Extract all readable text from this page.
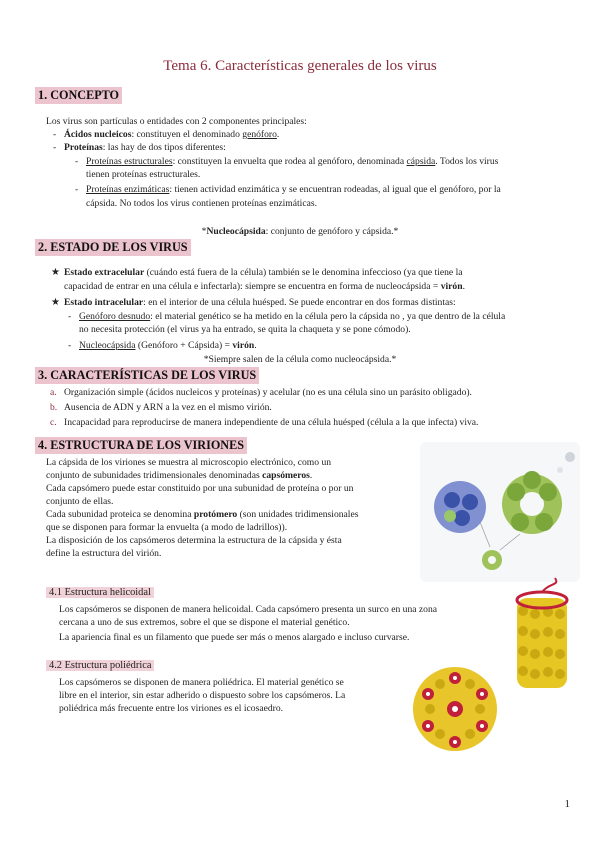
Tema 6. Características generales de los virus
1. CONCEPTO
Los virus son partículas o entidades con 2 componentes principales:
- Ácidos nucleicos: constituyen el denominado genóforo.
- Proteínas: las hay de dos tipos diferentes:
- Proteínas estructurales: constituyen la envuelta que rodea al genóforo, denominada cápsida. Todos los virus
tienen proteínas estructurales.
- Proteínas enzimáticas: tienen actividad enzimática y se encuentran rodeadas, al igual que el genóforo, por la
cápsida. No todos los virus contienen proteínas enzimáticas.
*Nucleocápsida: conjunto de genóforo y cápsida.*
2. ESTADO DE LOS VIRUS
★ Estado extracelular (cuándo está fuera de la célula) también se le denomina infeccioso (ya que tiene la
capacidad de entrar en una célula e infectarla): siempre se encuentra en forma de nucleocápsida = virón.
★ Estado intracelular: en el interior de una célula huésped. Se puede encontrar en dos formas distintas:
- Genóforo desnudo: el material genético se ha metido en la célula pero la cápsida no , ya que dentro de la célula
no necesita protección (el virus ya ha entrado, se quita la chaqueta y se pone cómodo).
- Nucleocápsida (Genóforo + Cápsida) = virón.
*Siempre salen de la célula como nucleocápsida.*
3. CARACTERÍSTICAS DE LOS VIRUS
a. Organización simple (ácidos nucleicos y proteínas) y acelular (no es una célula sino un parásito obligado).
b. Ausencia de ADN y ARN a la vez en el mismo virión.
c. Incapacidad para reproducirse de manera independiente de una célula huésped (célula a la que infecta) viva.
4. ESTRUCTURA DE LOS VIRIONES
La cápsida de los viriones se muestra al microscopio electrónico, como un
conjunto de subunidades tridimensionales denominadas capsómeros.
Cada capsómero puede estar constituido por una subunidad de proteína o por un
conjunto de ellas.
Cada subunidad proteica se denomina protómero (son unidades tridimensionales
que se disponen para formar la envuelta (a modo de ladrillos)).
La disposición de los capsómeros determina la estructura de la cápsida y ésta
define la estructura del virión.
4.1 Estructura helicoidal
Los capsómeros se disponen de manera helicoidal. Cada capsómero presenta un surco en una zona
cercana a uno de sus extremos, sobre el que se dispone el material genético.
La apariencia final es un filamento que puede ser más o menos alargado e incluso curvarse.
4.2 Estructura poliédrica
Los capsómeros se disponen de manera poliédrica. El material genético se
libre en el interior, sin estar adherido o dispuesto sobre los capsómeros. La
poliédrica más frecuente entre los viriones es el icosaedro.
1
